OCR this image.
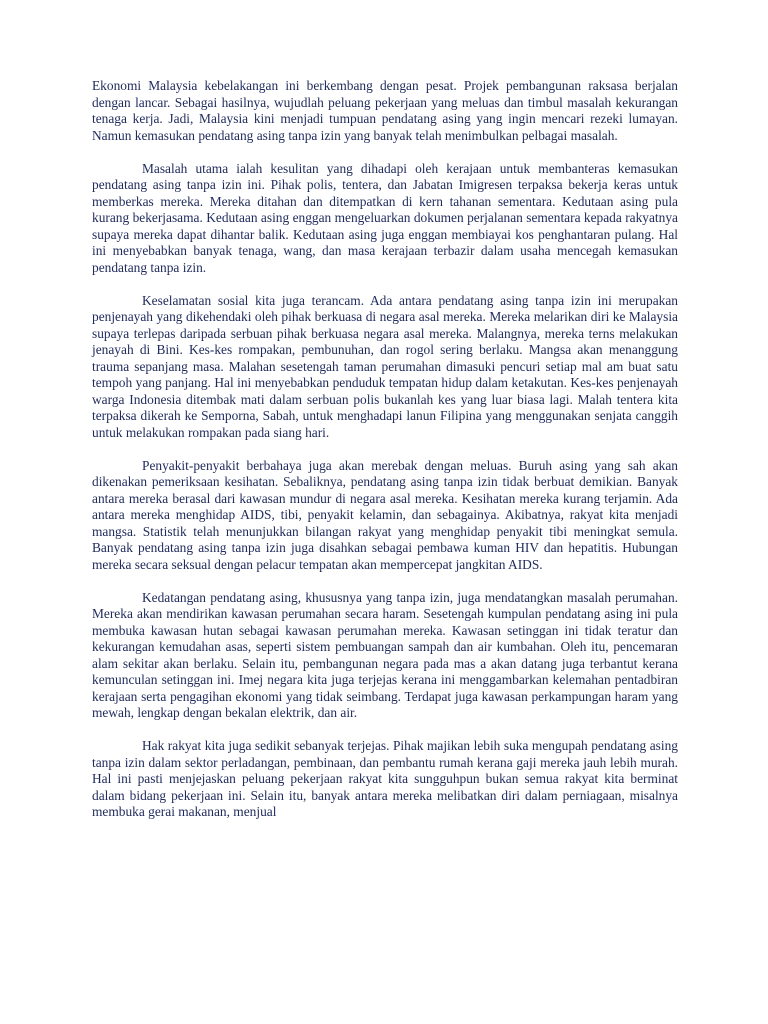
Ekonomi Malaysia kebelakangan ini berkembang dengan pesat. Projek pembangunan raksasa berjalan dengan lancar. Sebagai hasilnya, wujudlah peluang pekerjaan yang meluas dan timbul masalah kekurangan tenaga kerja. Jadi, Malaysia kini menjadi tumpuan pendatang asing yang ingin mencari rezeki lumayan. Namun kemasukan pendatang asing tanpa izin yang banyak telah menimbulkan pelbagai masalah.

Masalah utama ialah kesulitan yang dihadapi oleh kerajaan untuk membanteras kemasukan pendatang asing tanpa izin ini. Pihak polis, tentera, dan Jabatan Imigresen terpaksa bekerja keras untuk memberkas mereka. Mereka ditahan dan ditempatkan di kern tahanan sementara. Kedutaan asing pula kurang bekerjasama. Kedutaan asing enggan mengeluarkan dokumen perjalanan sementara kepada rakyatnya supaya mereka dapat dihantar balik. Kedutaan asing juga enggan membiayai kos penghantaran pulang. Hal ini menyebabkan banyak tenaga, wang, dan masa kerajaan terbazir dalam usaha mencegah kemasukan pendatang tanpa izin.

Keselamatan sosial kita juga terancam. Ada antara pendatang asing tanpa izin ini merupakan penjenayah yang dikehendaki oleh pihak berkuasa di negara asal mereka. Mereka melarikan diri ke Malaysia supaya terlepas daripada serbuan pihak berkuasa negara asal mereka. Malangnya, mereka terns melakukan jenayah di Bini. Kes-kes rompakan, pembunuhan, dan rogol sering berlaku. Mangsa akan menanggung trauma sepanjang masa. Malahan sesetengah taman perumahan dimasuki pencuri setiap mal am buat satu tempoh yang panjang. Hal ini menyebabkan penduduk tempatan hidup dalam ketakutan. Kes-kes penjenayah warga Indonesia ditembak mati dalam serbuan polis bukanlah kes yang luar biasa lagi. Malah tentera kita terpaksa dikerah ke Semporna, Sabah, untuk menghadapi lanun Filipina yang menggunakan senjata canggih untuk melakukan rompakan pada siang hari.

Penyakit-penyakit berbahaya juga akan merebak dengan meluas. Buruh asing yang sah akan dikenakan pemeriksaan kesihatan. Sebaliknya, pendatang asing tanpa izin tidak berbuat demikian. Banyak antara mereka berasal dari kawasan mundur di negara asal mereka. Kesihatan mereka kurang terjamin. Ada antara mereka menghidap AIDS, tibi, penyakit kelamin, dan sebagainya. Akibatnya, rakyat kita menjadi mangsa. Statistik telah menunjukkan bilangan rakyat yang menghidap penyakit tibi meningkat semula. Banyak pendatang asing tanpa izin juga disahkan sebagai pembawa kuman HIV dan hepatitis. Hubungan mereka secara seksual dengan pelacur tempatan akan mempercepat jangkitan AIDS.

Kedatangan pendatang asing, khususnya yang tanpa izin, juga mendatangkan masalah perumahan. Mereka akan mendirikan kawasan perumahan secara haram. Sesetengah kumpulan pendatang asing ini pula membuka kawasan hutan sebagai kawasan perumahan mereka. Kawasan setinggan ini tidak teratur dan kekurangan kemudahan asas, seperti sistem pembuangan sampah dan air kumbahan. Oleh itu, pencemaran alam sekitar akan berlaku. Selain itu, pembangunan negara pada mas a akan datang juga terbantut kerana kemunculan setinggan ini. Imej negara kita juga terjejas kerana ini menggambarkan kelemahan pentadbiran kerajaan serta pengagihan ekonomi yang tidak seimbang. Terdapat juga kawasan perkampungan haram yang mewah, lengkap dengan bekalan elektrik, dan air.

Hak rakyat kita juga sedikit sebanyak terjejas. Pihak majikan lebih suka mengupah pendatang asing tanpa izin dalam sektor perladangan, pembinaan, dan pembantu rumah kerana gaji mereka jauh lebih murah. Hal ini pasti menjejaskan peluang pekerjaan rakyat kita sungguhpun bukan semua rakyat kita berminat dalam bidang pekerjaan ini. Selain itu, banyak antara mereka melibatkan diri dalam perniagaan, misalnya membuka gerai makanan, menjual
